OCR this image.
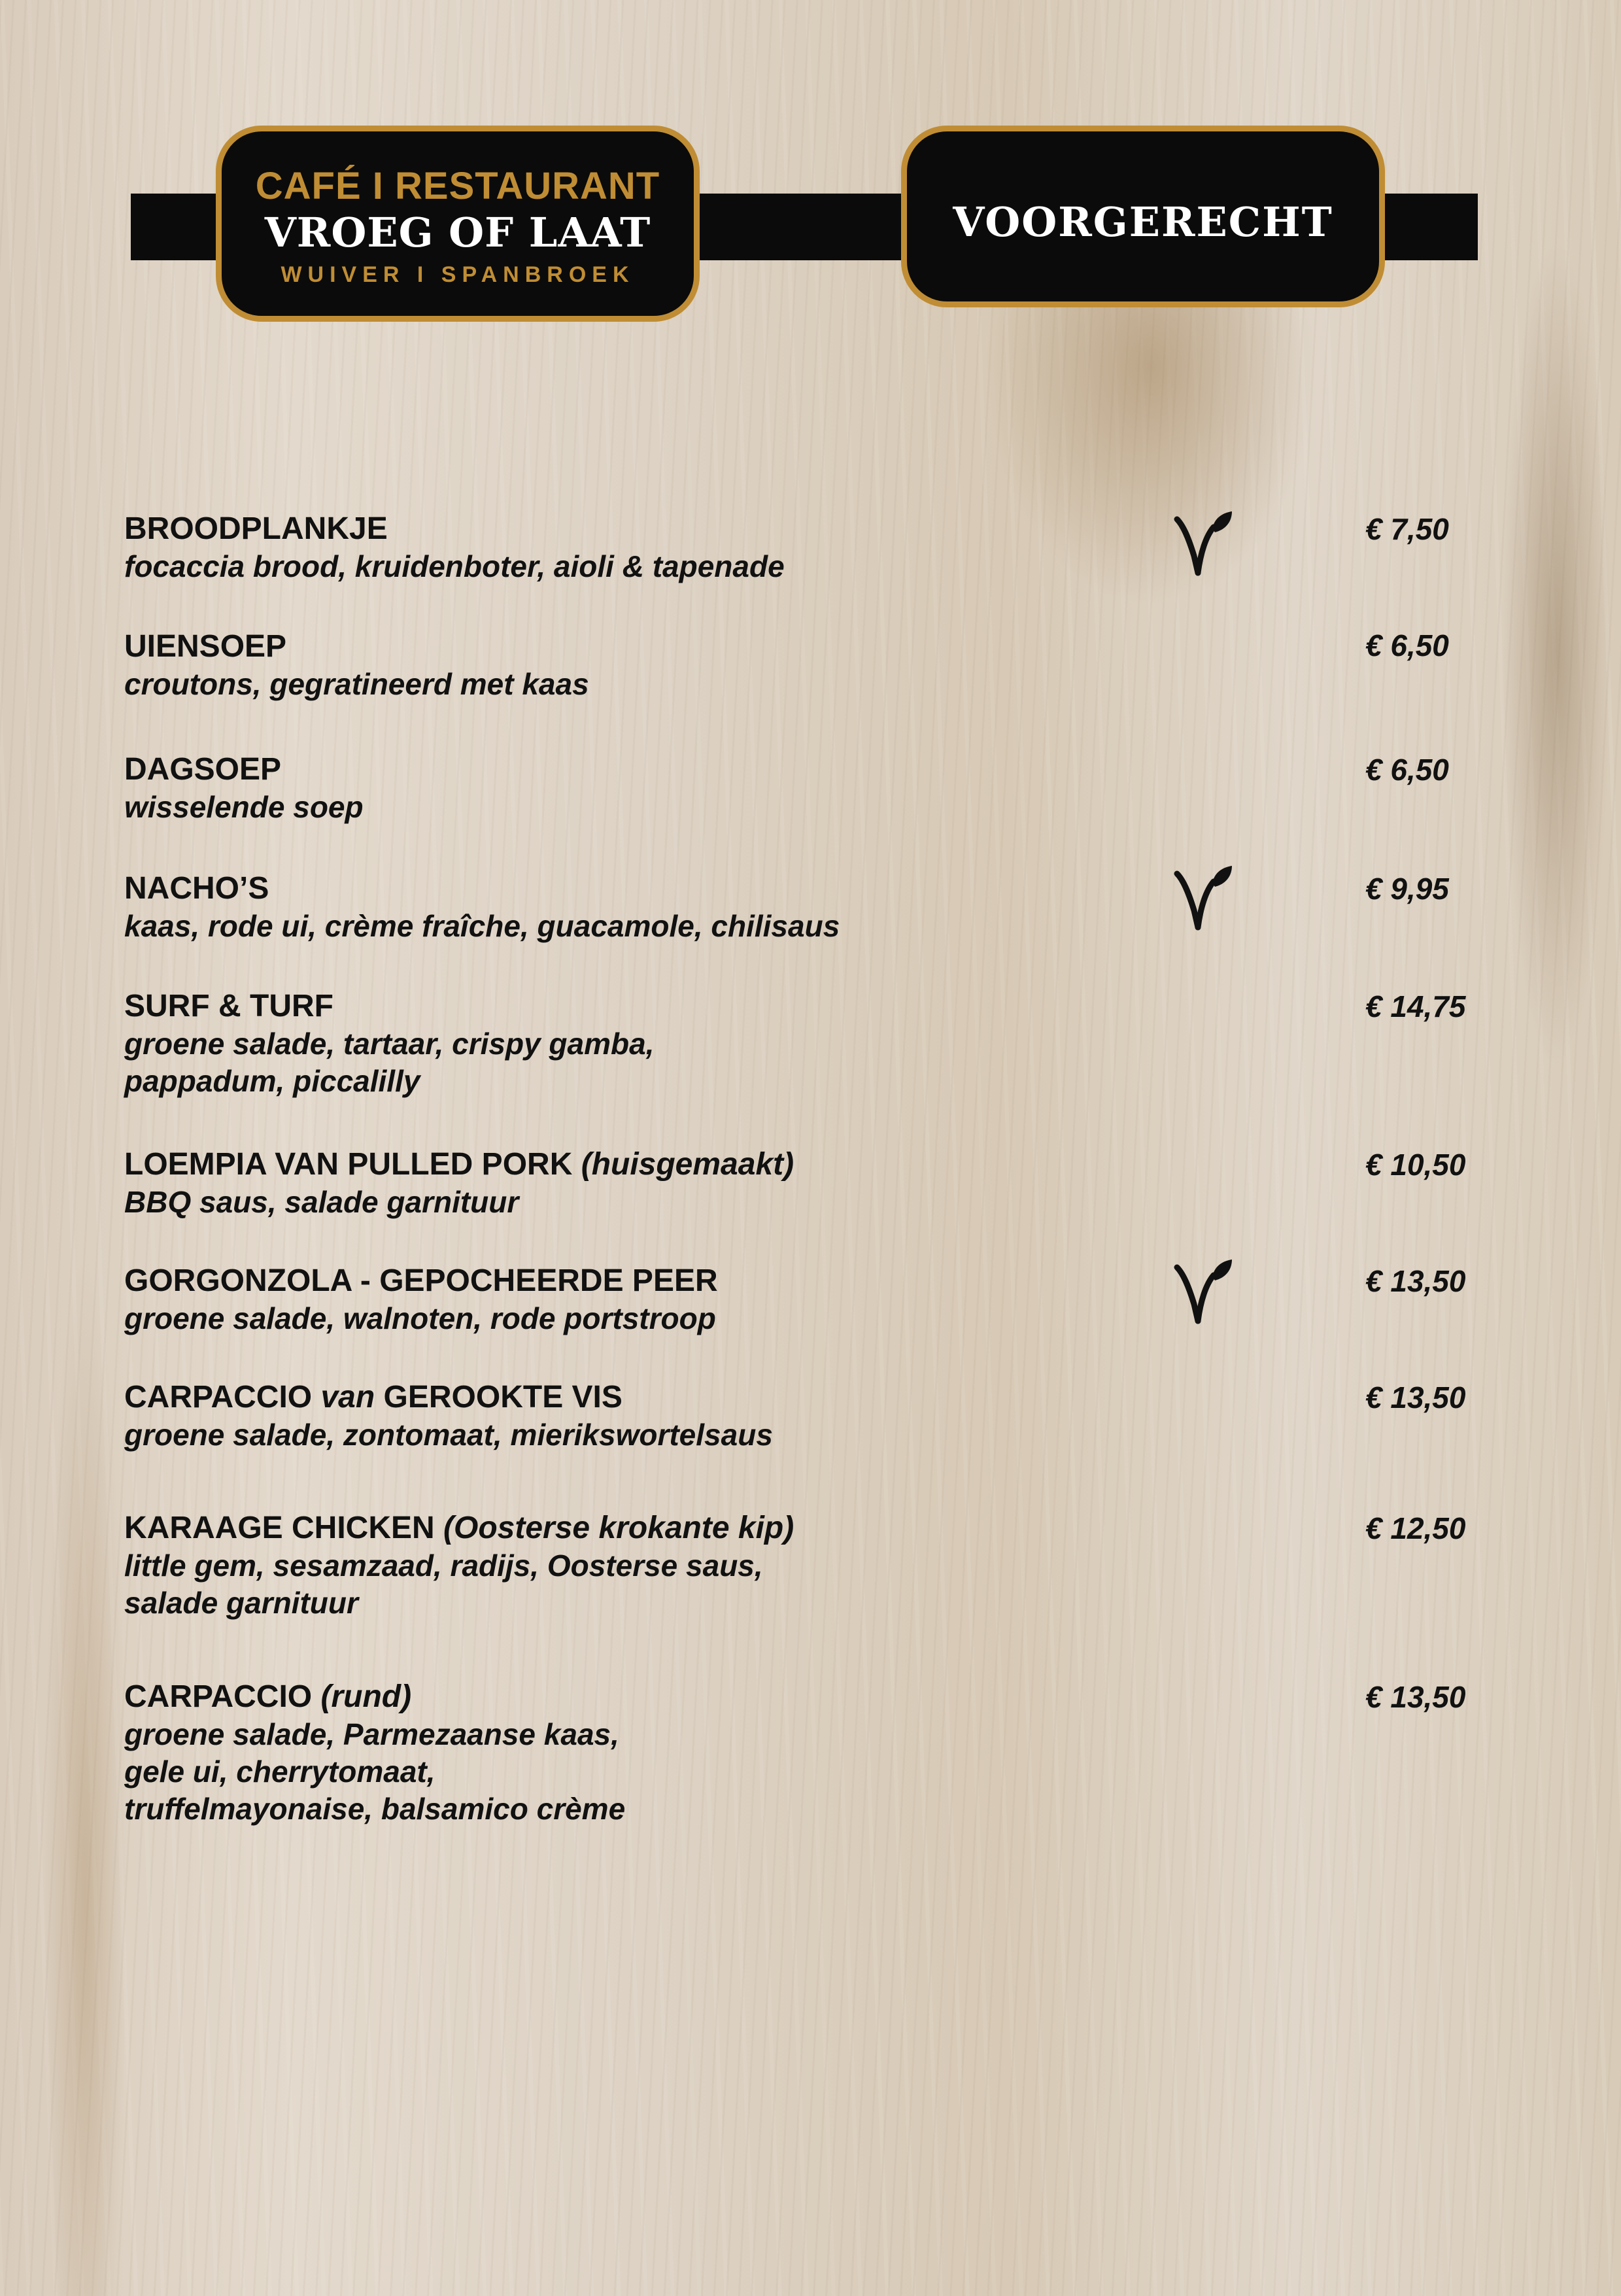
CAFÉ I RESTAURANT
VROEG OF LAAT
WUIVER I SPANBROEK
VOORGERECHT
BROODPLANKJE
focaccia brood, kruidenboter, aioli & tapenade
€ 7,50
UIENSOEP
croutons, gegratineerd met kaas
€ 6,50
DAGSOEP
wisselende soep
€ 6,50
NACHO’S
kaas, rode ui, crème fraîche, guacamole, chilisaus
€ 9,95
SURF & TURF
groene salade, tartaar, crispy gamba,
pappadum, piccalilly
€ 14,75
LOEMPIA VAN PULLED PORK (huisgemaakt)
BBQ saus, salade garnituur
€ 10,50
GORGONZOLA - GEPOCHEERDE PEER
groene salade, walnoten, rode portstroop
€ 13,50
CARPACCIO van GEROOKTE VIS
groene salade, zontomaat, mierikswortelsaus
€ 13,50
KARAAGE CHICKEN (Oosterse krokante kip)
little gem, sesamzaad, radijs, Oosterse saus,
salade garnituur
€ 12,50
CARPACCIO (rund)
groene salade, Parmezaanse kaas,
gele ui, cherrytomaat,
truffelmayonaise, balsamico crème
€ 13,50
